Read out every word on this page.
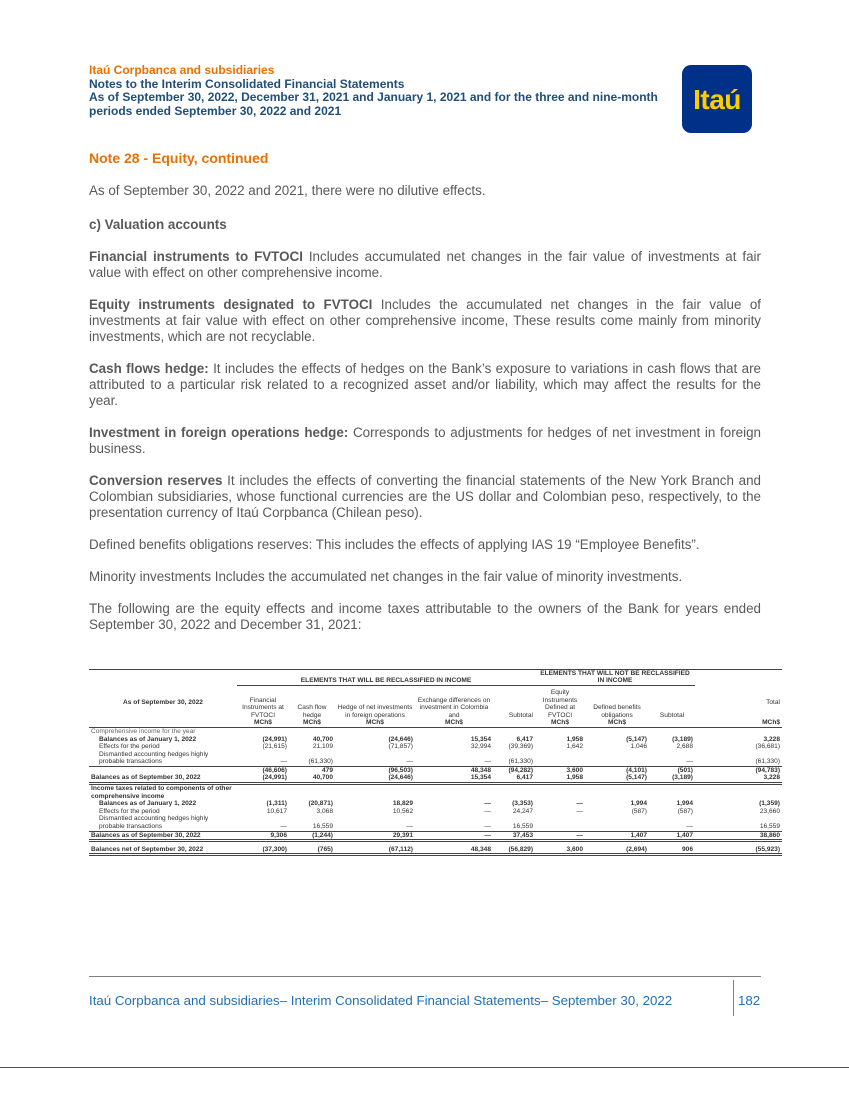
Itaú Corpbanca and subsidiaries
Notes to the Interim Consolidated Financial Statements
As of September 30, 2022, December 31, 2021 and January 1, 2021 and for the three and nine-month periods ended September 30, 2022 and 2021	Itaú
Note 28 - Equity, continued

As of September 30, 2022 and 2021, there were no dilutive effects.

c) Valuation accounts

Financial instruments to FVTOCI Includes accumulated net changes in the fair value of investments at fair value with effect on other comprehensive income.

Equity instruments designated to FVTOCI Includes the accumulated net changes in the fair value of investments at fair value with effect on other comprehensive income, These results come mainly from minority investments, which are not recyclable.

Cash flows hedge: It includes the effects of hedges on the Bank’s exposure to variations in cash flows that are attributed to a particular risk related to a recognized asset and/or liability, which may affect the results for the year.

Investment in foreign operations hedge: Corresponds to adjustments for hedges of net investment in foreign business.

Conversion reserves It includes the effects of converting the financial statements of the New York Branch and Colombian subsidiaries, whose functional currencies are the US dollar and Colombian peso, respectively, to the presentation currency of Itaú Corpbanca (Chilean peso).

Defined benefits obligations reserves: This includes the effects of applying IAS 19 “Employee Benefits”.

Minority investments Includes the accumulated net changes in the fair value of minority investments.

The following are the equity effects and income taxes attributable to the owners of the Bank for years ended September 30, 2022 and December 31, 2021:

	ELEMENTS THAT WILL BE RECLASSIFIED IN INCOME					ELEMENTS THAT WILL NOT BE RECLASSIFIED IN INCOME			
As of September 30, 2022	Financial Instruments at FVTOCI	Cash flow hedge	Hedge of net investments in foreign operations	Exchange differences on investment in Colombia and	Subtotal	Equity Instruments Defined at FVTOCI	Defined benefits obligations	Subtotal	Total
	MCh$	MCh$	MCh$	MCh$		MCh$	MCh$		MCh$
Comprehensive income for the year									
Balances as of January 1, 2022	(24,991)	40,700	(24,646)	15,354	6,417	1,958	(5,147)	(3,189)	3,228
Effects for the period	(21,615)	21,109	(71,857)	32,994	(39,369)	1,642	1,046	2,688	(36,681)
Dismantled accounting hedges highly probable transactions	—	(61,330)	—	—	(61,330)			—	(61,330)
	(46,606)	479	(96,503)	48,348	(94,282)	3,600	(4,101)	(501)	(94,783)
Balances as of September 30, 2022	(24,991)	40,700	(24,646)	15,354	6,417	1,958	(5,147)	(3,189)	3,228
Income taxes related to components of other comprehensive income									
Balances as of January 1, 2022	(1,311)	(20,871)	18,829	—	(3,353)	—	1,994	1,994	(1,359)
Effects for the period	10,617	3,068	10,562	—	24,247	—	(587)	(587)	23,660
Dismantled accounting hedges highly probable transactions	—	16,559	—	—	16,559			—	16,559
Balances as of September 30, 2022	9,306	(1,244)	29,391	—	37,453	—	1,407	1,407	38,860
Balances net of September 30, 2022	(37,300)	(765)	(67,112)	48,348	(56,829)	3,600	(2,694)	906	(55,923)
Itaú Corpbanca and subsidiaries– Interim Consolidated Financial Statements– September 30, 2022	182
